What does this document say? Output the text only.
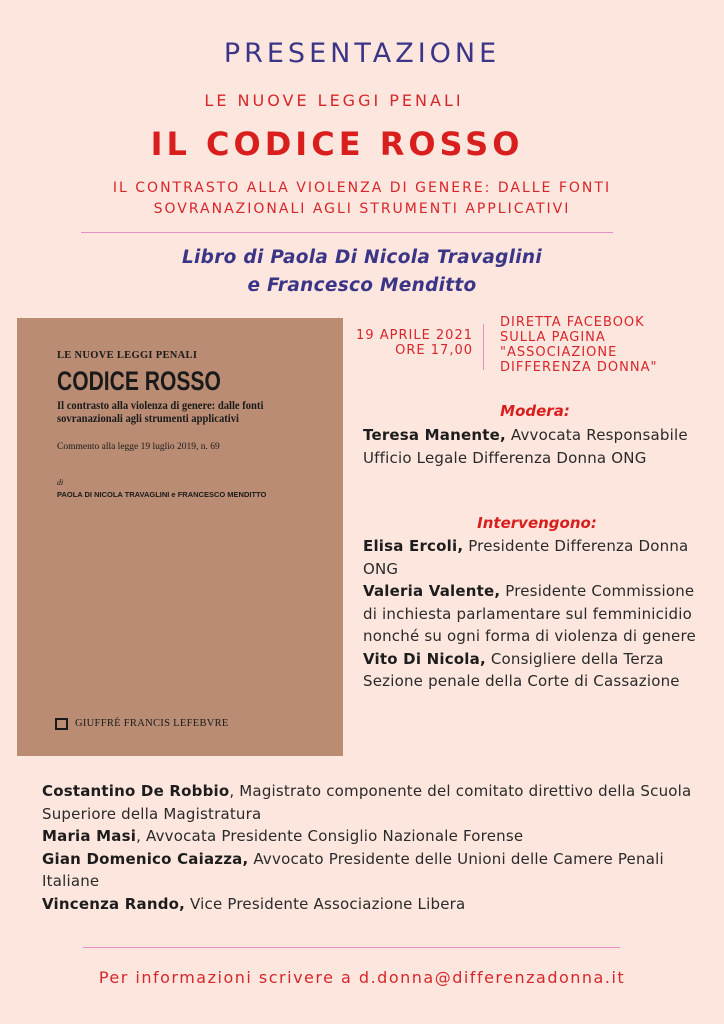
PRESENTAZIONE
LE NUOVE LEGGI PENALI
IL CODICE ROSSO
IL CONTRASTO ALLA VIOLENZA DI GENERE: DALLE FONTI
SOVRANAZIONALI AGLI STRUMENTI APPLICATIVI
Libro di Paola Di Nicola Travaglini
e Francesco Menditto
LE NUOVE LEGGI PENALI
CODICE ROSSO
Il contrasto alla violenza di genere: dalle fonti sovranazionali agli strumenti applicativi
Commento alla legge 19 luglio 2019, n. 69
di
PAOLA DI NICOLA TRAVAGLINI e FRANCESCO MENDITTO
GIUFFRÈ FRANCIS LEFEBVRE
19 APRILE 2021
ORE 17,00
DIRETTA FACEBOOK
SULLA PAGINA
"ASSOCIAZIONE
DIFFERENZA DONNA"
Modera:
Teresa Manente, Avvocata Responsabile Ufficio Legale Differenza Donna ONG
Intervengono:
Elisa Ercoli, Presidente Differenza Donna ONG
Valeria Valente, Presidente Commissione di inchiesta parlamentare sul femminicidio nonché su ogni forma di violenza di genere
Vito Di Nicola, Consigliere della Terza Sezione penale della Corte di Cassazione
Costantino De Robbio, Magistrato componente del comitato direttivo della Scuola Superiore della Magistratura
Maria Masi, Avvocata Presidente Consiglio Nazionale Forense
Gian Domenico Caiazza, Avvocato Presidente delle Unioni delle Camere Penali Italiane
Vincenza Rando, Vice Presidente Associazione Libera
Per informazioni scrivere a d.donna@differenzadonna.it
